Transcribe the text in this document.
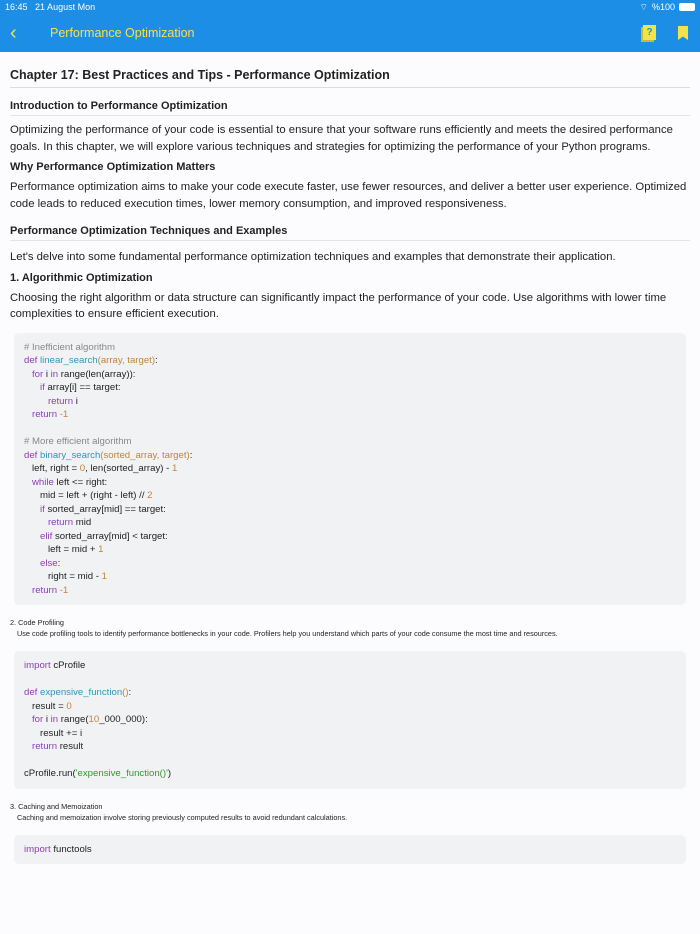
16:45 21 August Mon	⌔ %100
‹	Performance Optimization	?
Chapter 17: Best Practices and Tips - Performance Optimization
Introduction to Performance Optimization

Optimizing the performance of your code is essential to ensure that your software runs efficiently and meets the desired performance goals. In this chapter, we will explore various techniques and strategies for optimizing the performance of your Python programs.

Why Performance Optimization Matters

Performance optimization aims to make your code execute faster, use fewer resources, and deliver a better user experience. Optimized code leads to reduced execution times, lower memory consumption, and improved responsiveness.

Performance Optimization Techniques and Examples

Let's delve into some fundamental performance optimization techniques and examples that demonstrate their application.

1. Algorithmic Optimization

Choosing the right algorithm or data structure can significantly impact the performance of your code. Use algorithms with lower time complexities to ensure efficient execution.

# Inefficient algorithm
def linear_search(array, target):
for i in range(len(array)):
if array[i] == target:
return i
return -1
# More efficient algorithm
def binary_search(sorted_array, target):
left, right = 0, len(sorted_array) - 1
while left <= right:
mid = left + (right - left) // 2
if sorted_array[mid] == target:
return mid
elif sorted_array[mid] < target:
left = mid + 1
else:
right = mid - 1
return -1
2. Code Profiling
Use code profiling tools to identify performance bottlenecks in your code. Profilers help you understand which parts of your code consume the most time and resources.
import cProfile
def expensive_function():
result = 0
for i in range(10_000_000):
result += i
return result
cProfile.run('expensive_function()')
3. Caching and Memoization
Caching and memoization involve storing previously computed results to avoid redundant calculations.
import functools
